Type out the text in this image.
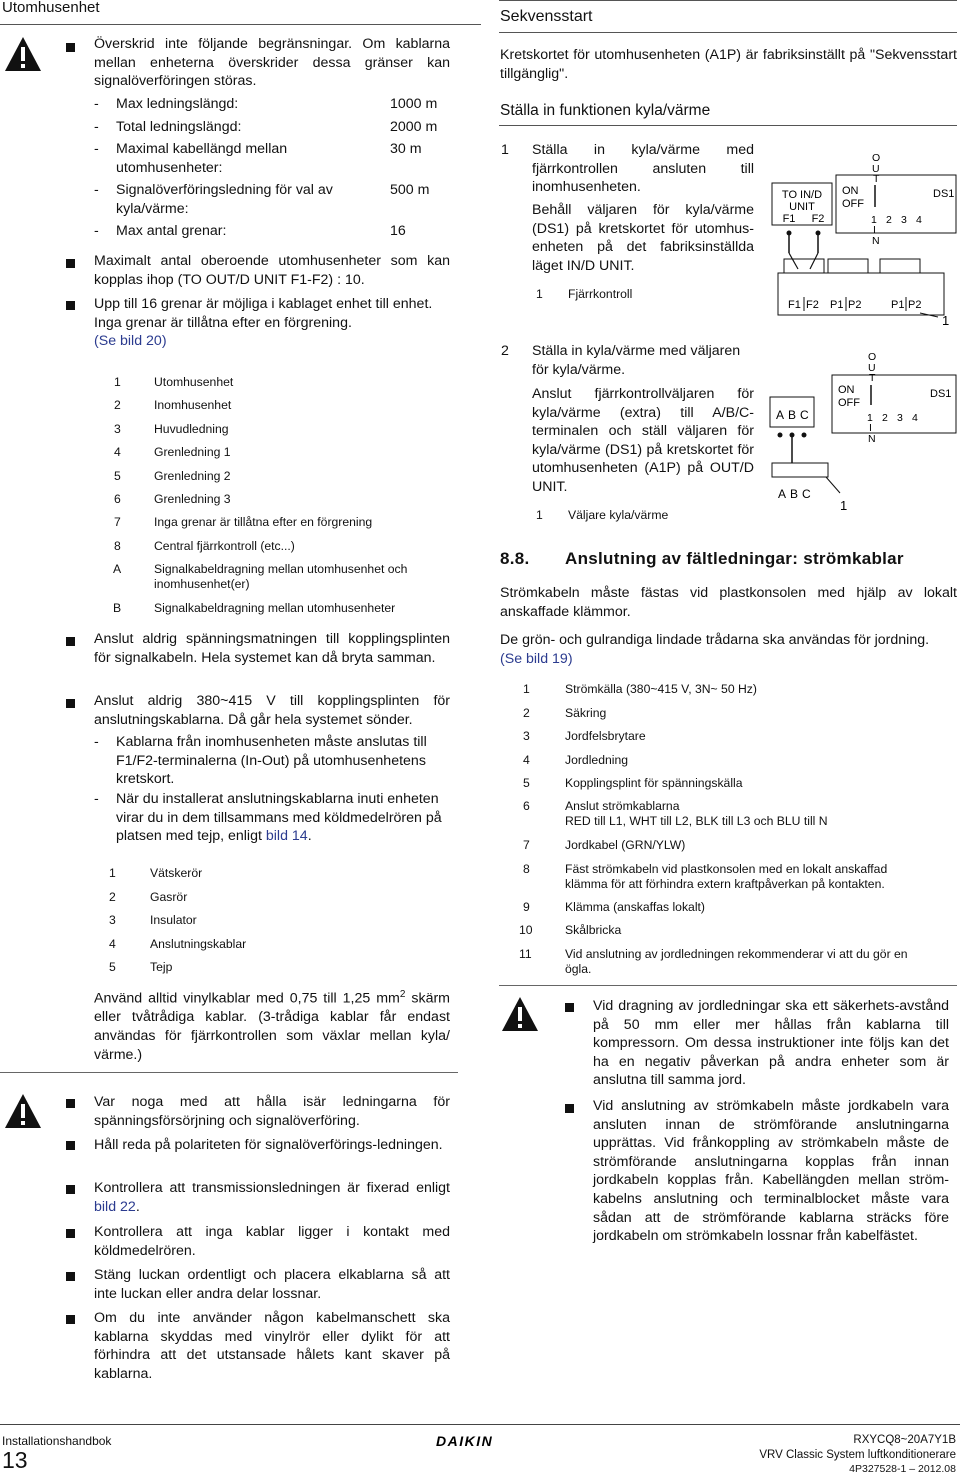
Utomhusenhet
Överskrid inte följande begränsningar. Om kablarna mellan enheterna överskrider dessa gränser kan signalöverföringen störas.
- Max ledningslängd:	1000 m
- Total ledningslängd:	2000 m
- Maximal kabellängd mellan utomhusenheter:
30 m
- Signalöverföringsledning för val av kyla/värme:
500 m
- Max antal grenar:	16
Maximalt antal oberoende utomhusenheter som kan kopplas ihop (TO OUT/D UNIT F1-F2) : 10.
Upp till 16 grenar är möjliga i kablaget enhet till enhet. Inga grenar är tillåtna efter en förgrening.
(Se bild 20)
1	Utomhusenhet
2	Inomhusenhet
3	Huvudledning
4	Grenledning 1
5	Grenledning 2
6	Grenledning 3
7	Inga grenar är tillåtna efter en förgrening
8	Central fjärrkontroll (etc...)
A	Signalkabeldragning mellan utomhusenhet och inomhusenhet(er)
B	Signalkabeldragning mellan utomhusenheter
Anslut aldrig spänningsmatningen till kopplingsplinten för signalkabeln. Hela systemet kan då bryta samman.
Anslut aldrig 380~415 V till kopplingsplinten för anslutningskablarna. Då går hela systemet sönder.
- Kablarna från inomhusenheten måste anslutas till F1/F2-terminalerna (In-Out) på utomhusenhetens kretskort.
- När du installerat anslutningskablarna inuti enheten virar du in dem tillsammans med köldmedelrören på platsen med tejp, enligt bild 14.
1	Vätskerör
2	Gasrör
3	Insulator
4	Anslutningskablar
5	Tejp
Använd alltid vinylkablar med 0,75 till 1,25 $mm^2$ skärm eller tvåtrådiga kablar. (3-trådiga kablar får endast användas för fjärrkontrollen som växlar mellan kyla/ värme.)
Var noga med att hålla isär ledningarna för spänningsförsörjning och signalöverföring.
Håll reda på polariteten för signalöverförings-ledningen.
Kontrollera att transmissionsledningen är fixerad enligt bild 22.
Kontrollera att inga kablar ligger i kontakt med köldmedelrören.
Stäng luckan ordentligt och placera elkablarna så att inte luckan eller andra delar lossnar.
Om du inte använder någon kabelmanschett ska kablarna skyddas med vinylrör eller dylikt för att förhindra att det utstansade hålets kant skaver på kablarna.
Sekvensstart
Kretskortet för utomhusenheten (A1P) är fabriksinställt på "Sekvensstart tillgänglig".
Ställa in funktionen kyla/värme
1 Ställa in kyla/värme med fjärrkontrollen ansluten till inomhusenheten.
Behåll väljaren för kyla/värme (DS1) på kretskortet för utomhus-enheten på det fabriksinställda läget IN/D UNIT.
1 Fjärrkontroll
TO IN/D
UNIT
F1 F2
ON
OFF
DS1
O
U
T
1 2 3 4
I
N
F1 F2 P1 P2	P1 P2
1
2 Ställa in kyla/värme med väljaren för kyla/värme.
Anslut fjärrkontrollväljaren för kyla/värme (extra) till A/B/C-terminalen och ställ väljaren för kyla/värme (DS1) på kretskortet för utomhusenheten (A1P) på OUT/D UNIT.
1 Väljare kyla/värme
A B C
A B C
1
ON
OFF
DS1
O
U
T
1 2 3 4
I
N
8.8. Anslutning av fältledningar: strömkablar
Strömkabeln måste fästas vid plastkonsolen med hjälp av lokalt anskaffade klämmor.
De grön- och gulrandiga lindade trådarna ska användas för jordning.
(Se bild 19)
1	Strömkälla (380~415 V, 3N~ 50 Hz)
2	Säkring
3	Jordfelsbrytare
4	Jordledning
5	Kopplingsplint för spänningskälla
6	Anslut strömkablarna
RED till L1, WHT till L2, BLK till L3 och BLU till N
7	Jordkabel (GRN/YLW)
8	Fäst strömkabeln vid plastkonsolen med en lokalt anskaffad
klämma för att förhindra extern kraftpåverkan på kontakten.
9	Klämma (anskaffas lokalt)
10	Skålbricka
11	Vid anslutning av jordledningen rekommenderar vi att du gör en
ögla.
Vid dragning av jordledningar ska ett säkerhets-avstånd på 50 mm eller mer hållas från kablarna till kompressorn. Om dessa instruktioner inte följs kan det ha en negativ påverkan på andra enheter som är anslutna till samma jord.
Vid anslutning av strömkabeln måste jordkabeln vara ansluten innan de strömförande anslutningarna upprättas. Vid frånkoppling av strömkabeln måste de strömförande anslutningarna kopplas från innan jordkabeln kopplas från. Kabellängden mellan ström-kabelns anslutning och terminalblocket måste vara sådan att de strömförande kablarna sträcks före jordkabeln om strömkabeln lossnar från kabelfästet.
Installationshandbok
13
DAIKIN	RXYCQ8~20A7Y1B
VRV Classic System luftkonditionerare
4P327528-1 – 2012.08
